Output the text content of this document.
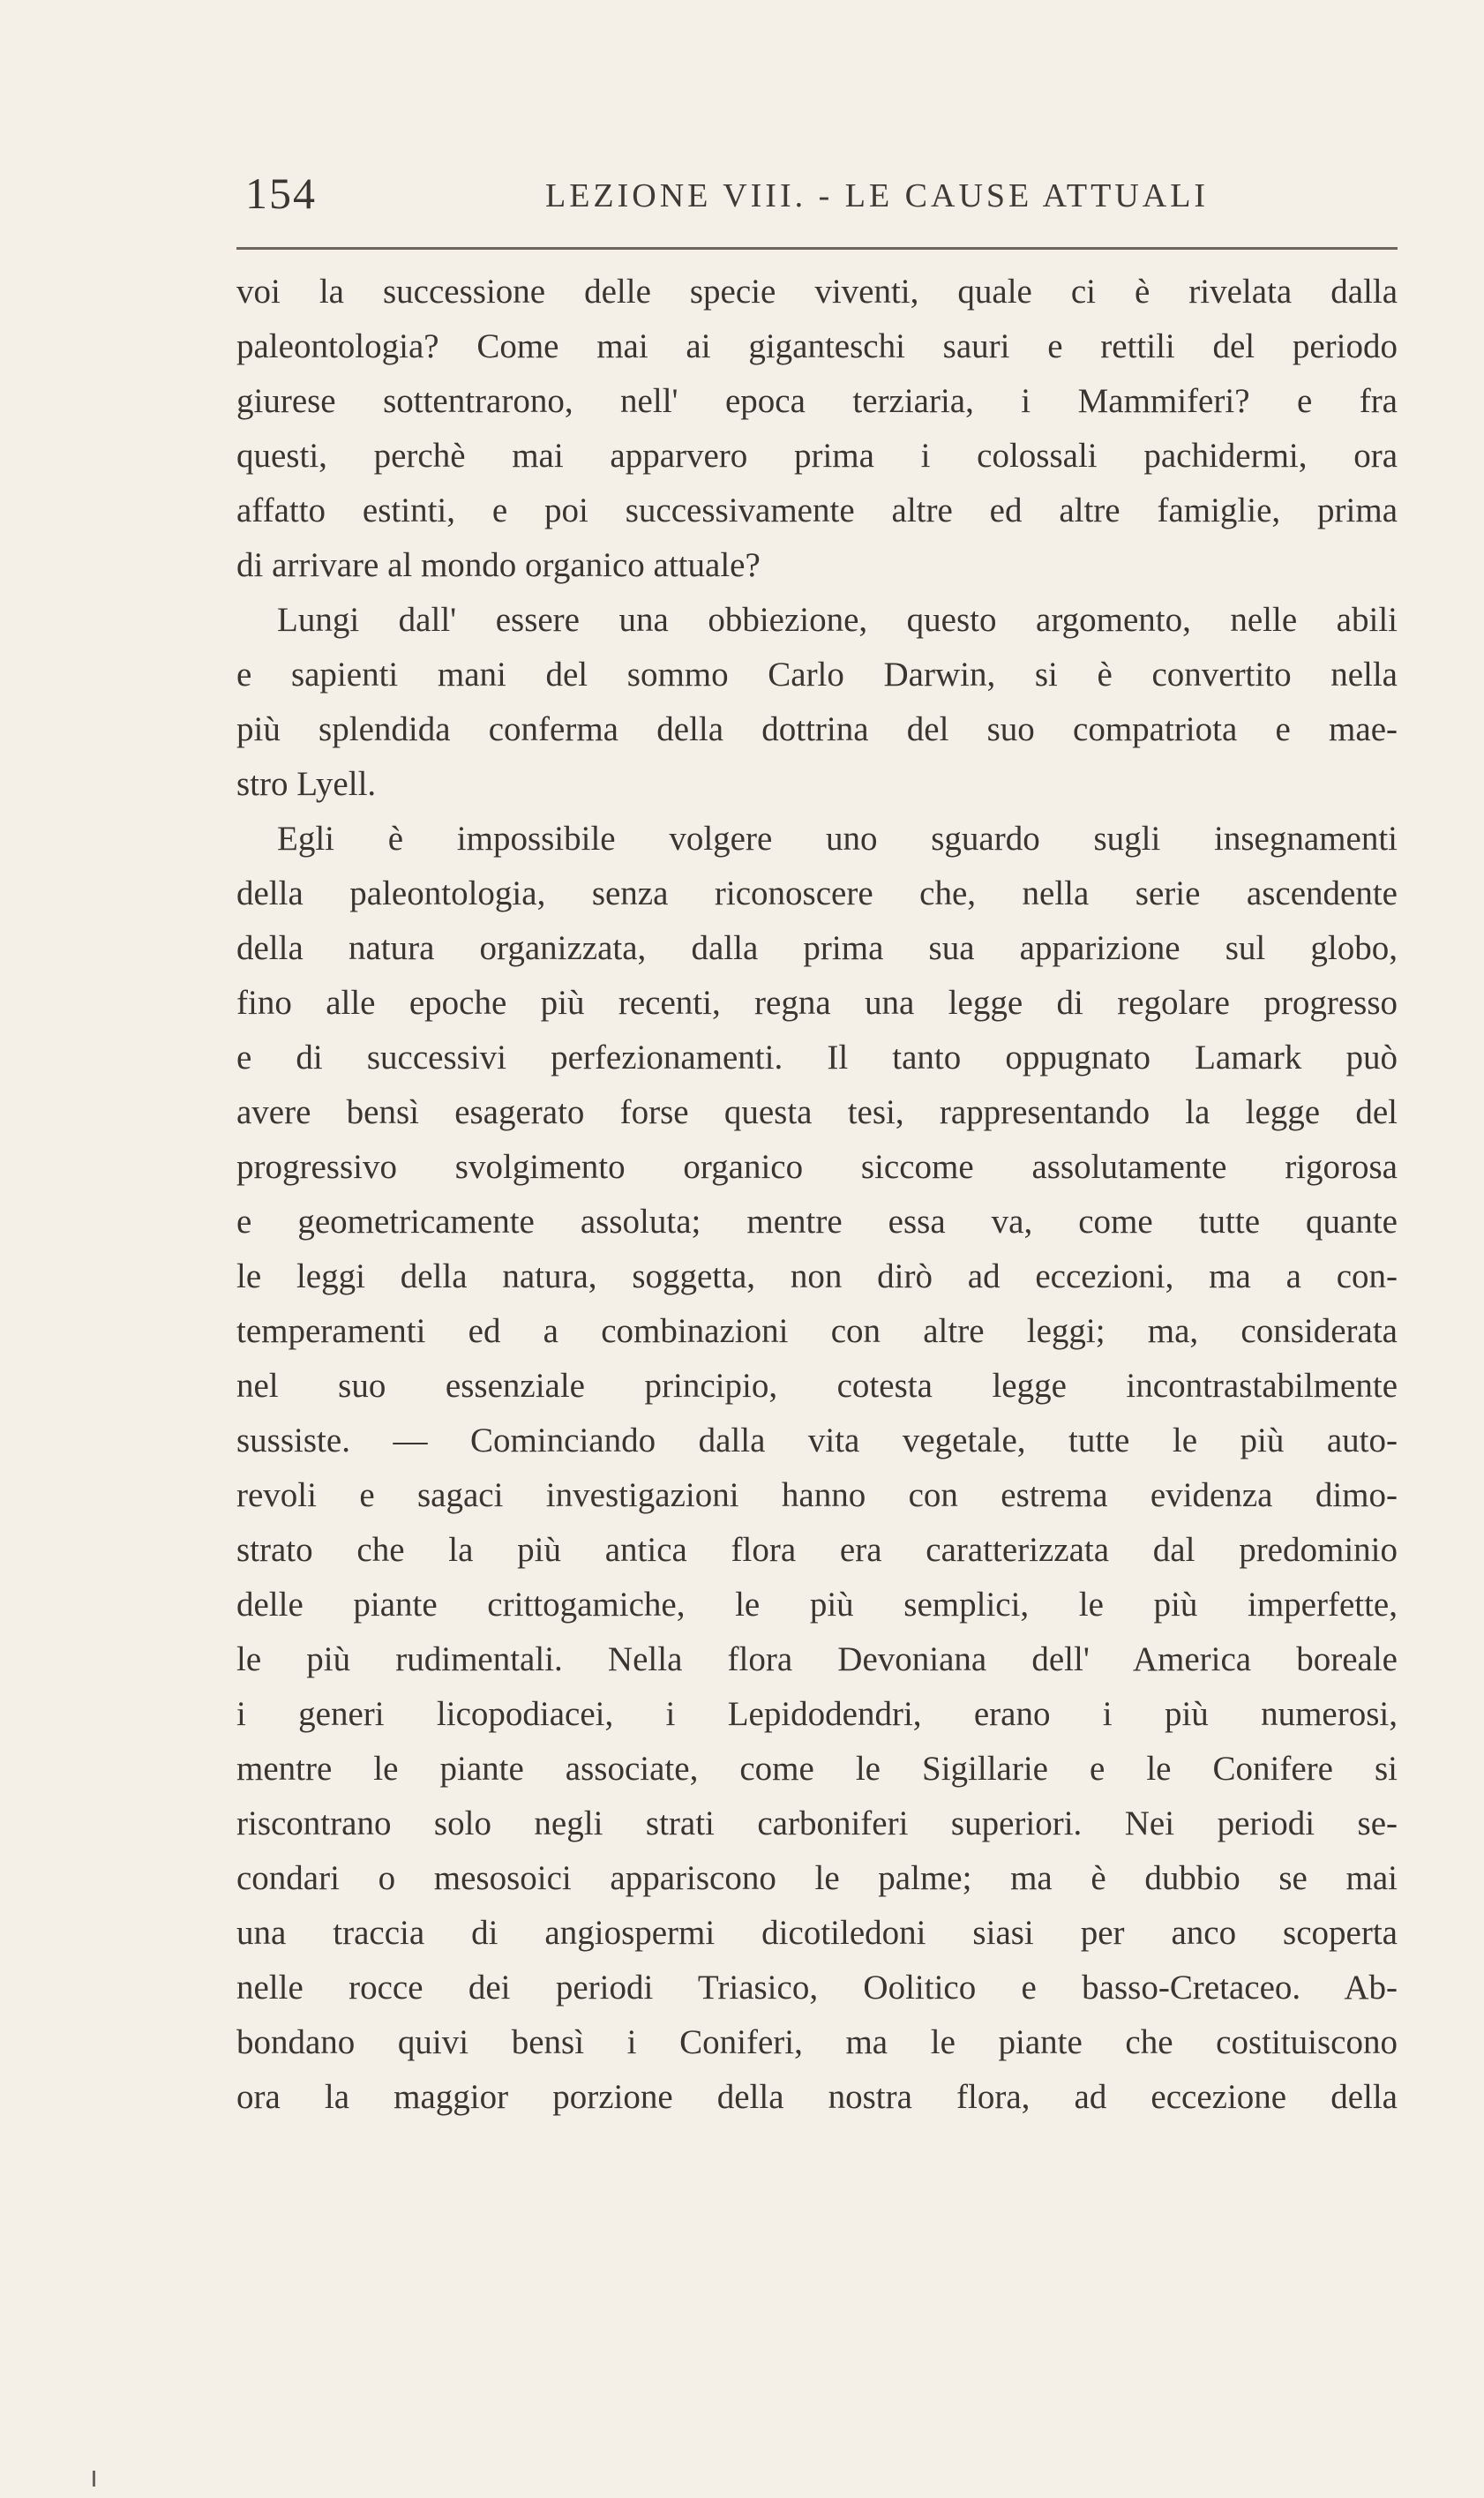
154	LEZIONE VIII. - LE CAUSE ATTUALI
voi la successione delle specie viventi, quale ci è rivelata dalla
paleontologia? Come mai ai giganteschi sauri e rettili del periodo
giurese sottentrarono, nell' epoca terziaria, i Mammiferi? e fra
questi, perchè mai apparvero prima i colossali pachidermi, ora
affatto estinti, e poi successivamente altre ed altre famiglie, prima
di arrivare al mondo organico attuale?
Lungi dall' essere una obbiezione, questo argomento, nelle abili
e sapienti mani del sommo Carlo Darwin, si è convertito nella
più splendida conferma della dottrina del suo compatriota e mae-
stro Lyell.
Egli è impossibile volgere uno sguardo sugli insegnamenti
della paleontologia, senza riconoscere che, nella serie ascendente
della natura organizzata, dalla prima sua apparizione sul globo,
fino alle epoche più recenti, regna una legge di regolare progresso
e di successivi perfezionamenti. Il tanto oppugnato Lamark può
avere bensì esagerato forse questa tesi, rappresentando la legge del
progressivo svolgimento organico siccome assolutamente rigorosa
e geometricamente assoluta; mentre essa va, come tutte quante
le leggi della natura, soggetta, non dirò ad eccezioni, ma a con-
temperamenti ed a combinazioni con altre leggi; ma, considerata
nel suo essenziale principio, cotesta legge incontrastabilmente
sussiste. — Cominciando dalla vita vegetale, tutte le più auto-
revoli e sagaci investigazioni hanno con estrema evidenza dimo-
strato che la più antica flora era caratterizzata dal predominio
delle piante crittogamiche, le più semplici, le più imperfette,
le più rudimentali. Nella flora Devoniana dell' America boreale
i generi licopodiacei, i Lepidodendri, erano i più numerosi,
mentre le piante associate, come le Sigillarie e le Conifere si
riscontrano solo negli strati carboniferi superiori. Nei periodi se-
condari o mesosoici appariscono le palme; ma è dubbio se mai
una traccia di angiospermi dicotiledoni siasi per anco scoperta
nelle rocce dei periodi Triasico, Oolitico e basso-Cretaceo. Ab-
bondano quivi bensì i Coniferi, ma le piante che costituiscono
ora la maggior porzione della nostra flora, ad eccezione della
